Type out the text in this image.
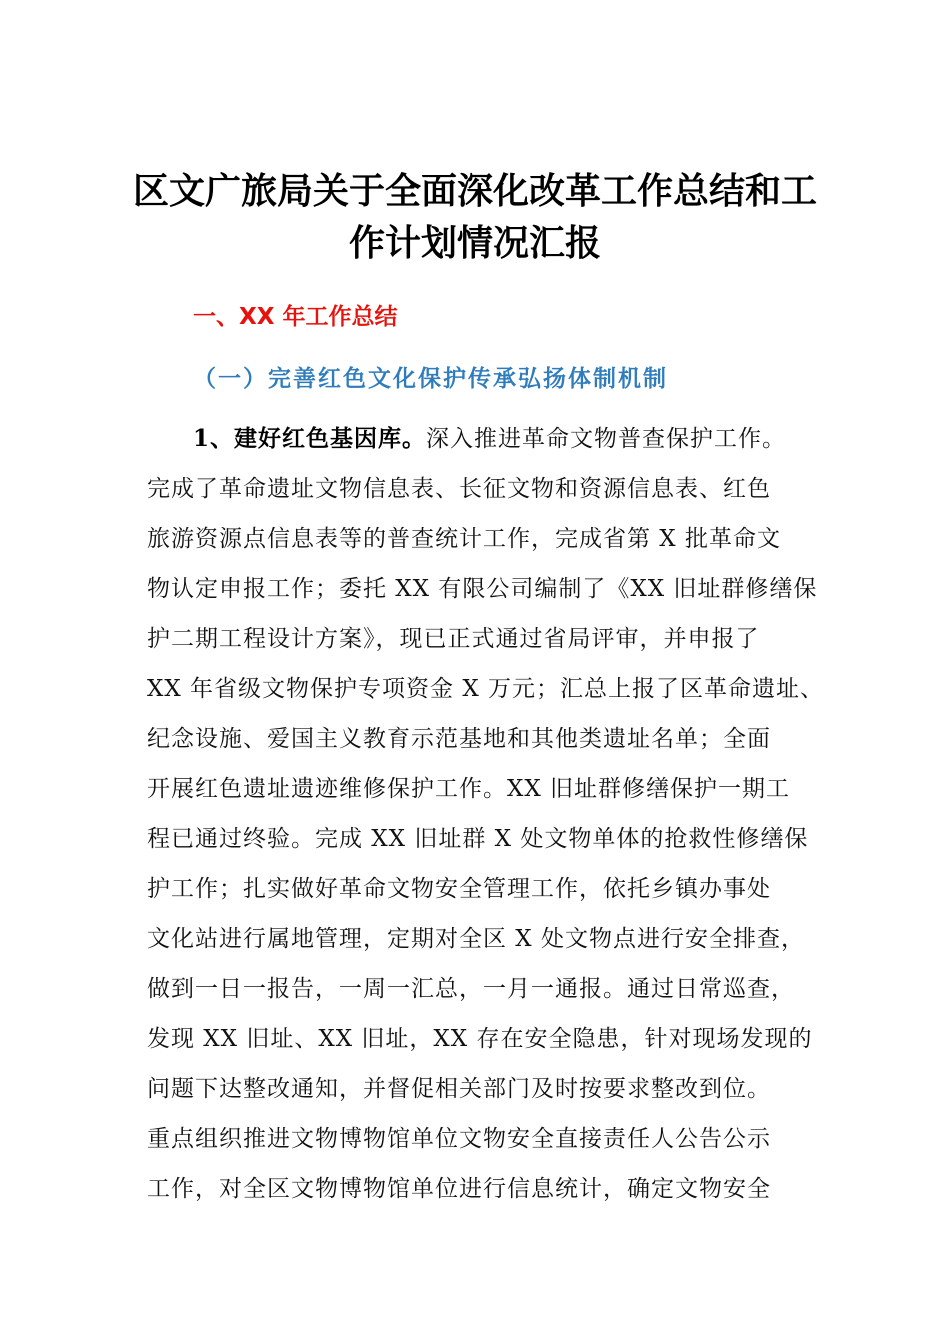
区文广旅局关于全面深化改革工作总结和工
作计划情况汇报
一、XX 年工作总结
（一）完善红色文化保护传承弘扬体制机制

1、建好红色基因库。深入推进革命文物普查保护工作。

完成了革命遗址文物信息表、长征文物和资源信息表、红色

旅游资源点信息表等的普查统计工作，完成省第 X 批革命文

物认定申报工作；委托 XX 有限公司编制了《XX 旧址群修缮保

护二期工程设计方案》，现已正式通过省局评审，并申报了

XX 年省级文物保护专项资金 X 万元；汇总上报了区革命遗址、

纪念设施、爱国主义教育示范基地和其他类遗址名单；全面

开展红色遗址遗迹维修保护工作。XX 旧址群修缮保护一期工

程已通过终验。完成 XX 旧址群 X 处文物单体的抢救性修缮保

护工作；扎实做好革命文物安全管理工作，依托乡镇办事处

文化站进行属地管理，定期对全区 X 处文物点进行安全排查，

做到一日一报告，一周一汇总，一月一通报。通过日常巡查，

发现 XX 旧址、XX 旧址，XX 存在安全隐患，针对现场发现的

问题下达整改通知，并督促相关部门及时按要求整改到位。

重点组织推进文物博物馆单位文物安全直接责任人公告公示

工作，对全区文物博物馆单位进行信息统计，确定文物安全
